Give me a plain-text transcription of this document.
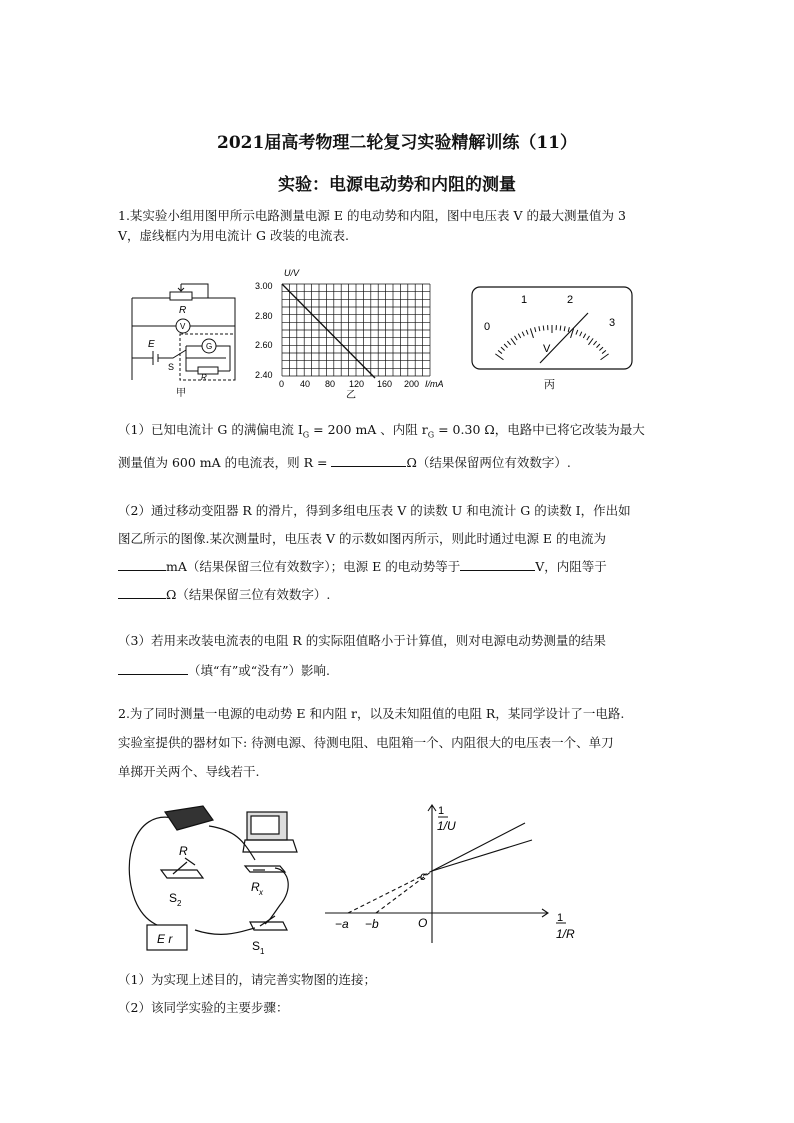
2021届高考物理二轮复习实验精解训练（11）
实验：电源电动势和内阻的测量
1.某实验小组用图甲所示电路测量电源 E 的电动势和内阻，图中电压表 V 的最大测量值为 3
V，虚线框内为用电流计 G 改装的电流表.
R
V
E	G
S
R
甲
U/V
I/mA
3.00
2.80
2.60
2.40
0 40 80 120 160 200
乙
0
1	2
3
V
丙
（1）已知电流计 G 的满偏电流 $I_G = 200$ mA 、内阻 $r_G = 0.30$ Ω，电路中已将它改装为最大
测量值为 600 mA 的电流表，则 R =	Ω（结果保留两位有效数字）.
（2）通过移动变阻器 R 的滑片，得到多组电压表 V 的读数 U 和电流计 G 的读数 I，作出如
图乙所示的图像.某次测量时，电压表 V 的示数如图丙所示，则此时通过电源 E 的电流为
mA（结果保留三位有效数字）；电源 E 的电动势等于	V，内阻等于
Ω（结果保留三位有效数字）.
（3）若用来改装电流表的电阻 R 的实际阻值略小于计算值，则对电源电动势测量的结果
（填“有”或“没有”）影响.
2.为了同时测量一电源的电动势 E 和内阻 r，以及未知阻值的电阻 R，某同学设计了一电路.
实验室提供的器材如下: 待测电源、待测电阻、电阻箱一个、内阻很大的电压表一个、单刀
单掷开关两个、导线若干.
R
S 2
R x
S 1
E r
1
1/U
1
1/R
c
O
−a −b
（1）为实现上述目的，请完善实物图的连接；
（2）该同学实验的主要步骤：
